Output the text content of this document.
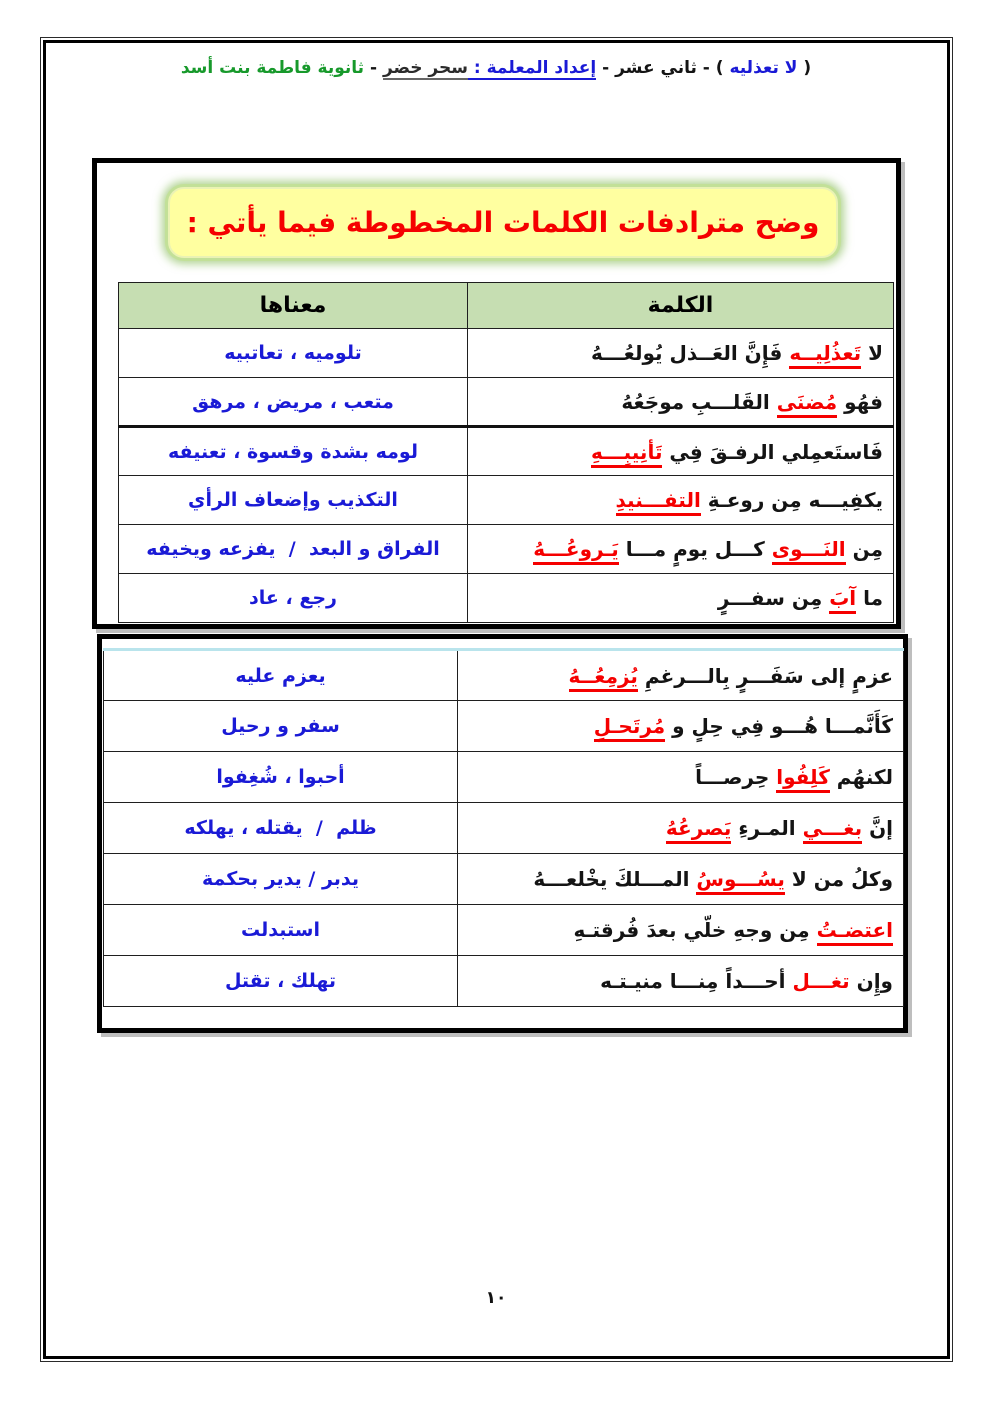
( لا تعذليه ) - ثاني عشر - إعداد المعلمة : سحر خضر - ثانوية فاطمة بنت أسد
وضح مترادفات الكلمات المخطوطة فيما يأتي :
الكلمة	معناها
لا تَعذُلِيــه فَإِنَّ العَــذل يُولعُـــهُ	تلوميه ، تعاتبيه
فهُو مُضنَى القَلـــبِ موجَعُهُ	متعب ، مريض ، مرهق
فَاستَعمِلي الرفـقَ فِي تَأنِيبِـــهِ	لومه بشدة وقسوة ، تعنيفه
يكفِيـــه مِن روعـةِ التفـــنيدِ	التكذيب وإضعاف الرأي
مِن النَـــوى كـــل يومٍ مـــا يَـروعُـــهُ	الفراق و البعد  /  يفزعه ويخيفه
ما آبَ مِن سفـــرٍ	رجع ، عاد
عزمٍ إلى سَفَـــرٍ بِالـــرغمِ يُزمِعُــهُ	يعزم عليه
كَأَنَّمـــا هُـــو فِي حِلٍ و مُرتَحـلٍ	سفر و رحيل
لكنهُم كَلِفُوا حِرصـــاً	أحبوا ، شُغِفوا
إنَّ بغـــي المـرءِ يَصرعُهُ	ظلم  /  يقتله ، يهلكه
وكلُ من لا يسُـــوسُ المـــلكَ يخْلعـــهُ	يدبر / يدير بحكمة
اعتضـتُ مِن وجهِ خلّي بعدَ فُرقتـهِ	استبدلت
وإِن تغـــل أحـــداً مِنـــا منيـتـه	تهلك ، تقتل
١٠
